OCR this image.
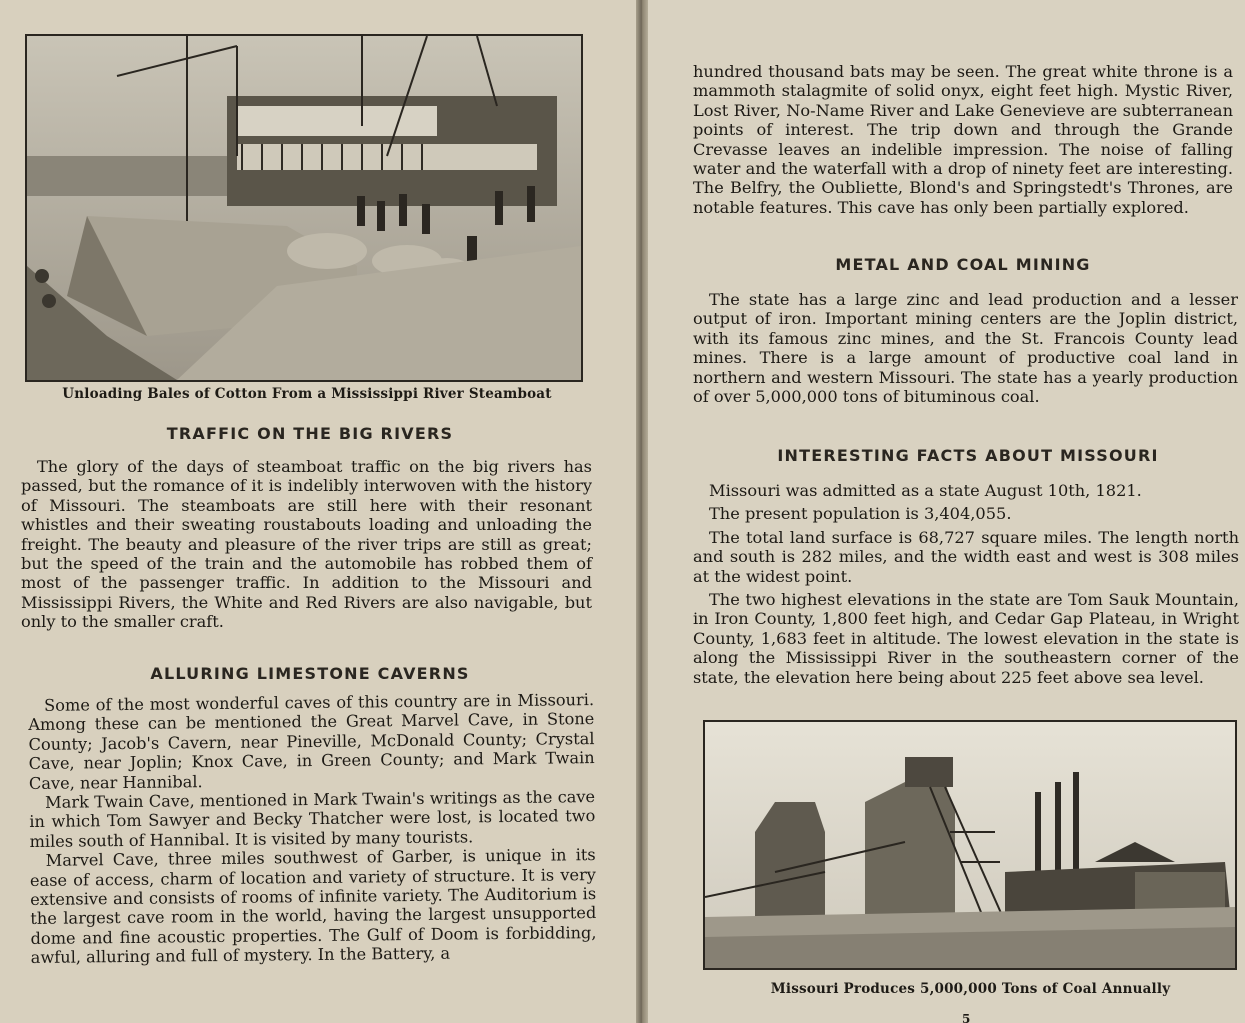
Unloading Bales of Cotton From a Mississippi River Steamboat
TRAFFIC ON THE BIG RIVERS

The glory of the days of steamboat traffic on the big rivers has passed, but the romance of it is indelibly interwoven with the history of Missouri. The steamboats are still here with their resonant whistles and their sweating roustabouts loading and unloading the freight. The beauty and pleasure of the river trips are still as great; but the speed of the train and the automobile has robbed them of most of the passenger traffic. In addition to the Missouri and Mississippi Rivers, the White and Red Rivers are also navigable, but only to the smaller craft.

ALLURING LIMESTONE CAVERNS

Some of the most wonderful caves of this country are in Missouri. Among these can be mentioned the Great Marvel Cave, in Stone County; Jacob's Cavern, near Pineville, McDonald County; Crystal Cave, near Joplin; Knox Cave, in Green County; and Mark Twain Cave, near Hannibal.

Mark Twain Cave, mentioned in Mark Twain's writings as the cave in which Tom Sawyer and Becky Thatcher were lost, is located two miles south of Hannibal. It is visited by many tourists.

Marvel Cave, three miles southwest of Garber, is unique in its ease of access, charm of location and variety of structure. It is very extensive and consists of rooms of infinite variety. The Auditorium is the largest cave room in the world, having the largest unsupported dome and fine acoustic properties. The Gulf of Doom is forbidding, awful, alluring and full of mystery. In the Battery, a

hundred thousand bats may be seen. The great white throne is a mammoth stalagmite of solid onyx, eight feet high. Mystic River, Lost River, No-Name River and Lake Genevieve are subterranean points of interest. The trip down and through the Grande Crevasse leaves an indelible impression. The noise of falling water and the waterfall with a drop of ninety feet are interesting. The Belfry, the Oubliette, Blond's and Springstedt's Thrones, are notable features. This cave has only been partially explored.

METAL AND COAL MINING

The state has a large zinc and lead production and a lesser output of iron. Important mining centers are the Joplin district, with its famous zinc mines, and the St. Francois County lead mines. There is a large amount of productive coal land in northern and western Missouri. The state has a yearly production of over 5,000,000 tons of bituminous coal.

INTERESTING FACTS ABOUT MISSOURI

Missouri was admitted as a state August 10th, 1821.

The present population is 3,404,055.

The total land surface is 68,727 square miles. The length north and south is 282 miles, and the width east and west is 308 miles at the widest point.

The two highest elevations in the state are Tom Sauk Mountain, in Iron County, 1,800 feet high, and Cedar Gap Plateau, in Wright County, 1,683 feet in altitude. The lowest elevation in the state is along the Mississippi River in the southeastern corner of the state, the elevation here being about 225 feet above sea level.

Missouri Produces 5,000,000 Tons of Coal Annually
5
